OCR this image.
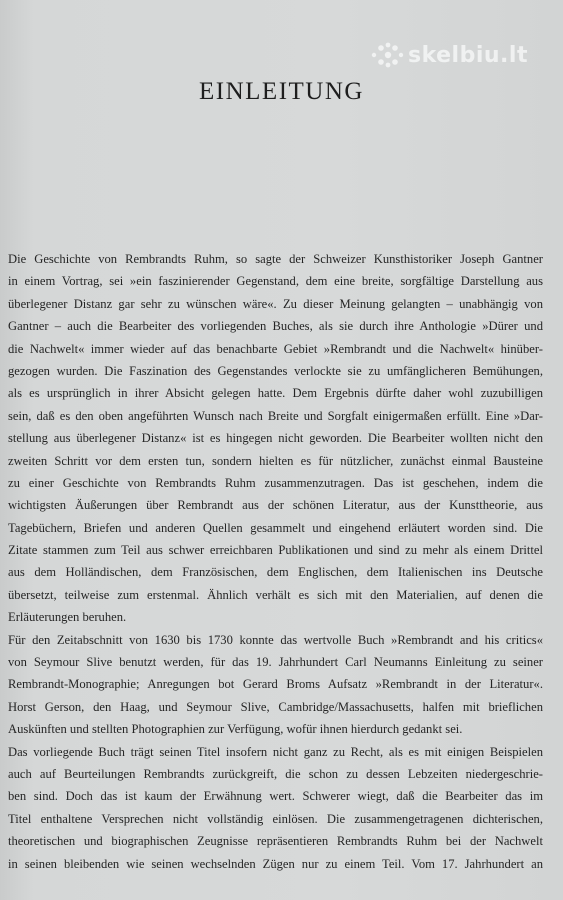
skelbiu.lt
EINLEITUNG
Die Geschichte von Rembrandts Ruhm, so sagte der Schweizer Kunsthistoriker Joseph Gantner
in einem Vortrag, sei »ein faszinierender Gegenstand, dem eine breite, sorgfältige Darstellung aus
überlegener Distanz gar sehr zu wünschen wäre«. Zu dieser Meinung gelangten – unabhängig von
Gantner – auch die Bearbeiter des vorliegenden Buches, als sie durch ihre Anthologie »Dürer und
die Nachwelt« immer wieder auf das benachbarte Gebiet »Rembrandt und die Nachwelt« hinüber-
gezogen wurden. Die Faszination des Gegenstandes verlockte sie zu umfänglicheren Bemühungen,
als es ursprünglich in ihrer Absicht gelegen hatte. Dem Ergebnis dürfte daher wohl zuzubilligen
sein, daß es den oben angeführten Wunsch nach Breite und Sorgfalt einigermaßen erfüllt. Eine »Dar-
stellung aus überlegener Distanz« ist es hingegen nicht geworden. Die Bearbeiter wollten nicht den
zweiten Schritt vor dem ersten tun, sondern hielten es für nützlicher, zunächst einmal Bausteine
zu einer Geschichte von Rembrandts Ruhm zusammenzutragen. Das ist geschehen, indem die
wichtigsten Äußerungen über Rembrandt aus der schönen Literatur, aus der Kunsttheorie, aus
Tagebüchern, Briefen und anderen Quellen gesammelt und eingehend erläutert worden sind. Die
Zitate stammen zum Teil aus schwer erreichbaren Publikationen und sind zu mehr als einem Drittel
aus dem Holländischen, dem Französischen, dem Englischen, dem Italienischen ins Deutsche
übersetzt, teilweise zum erstenmal. Ähnlich verhält es sich mit den Materialien, auf denen die
Erläuterungen beruhen.
Für den Zeitabschnitt von 1630 bis 1730 konnte das wertvolle Buch »Rembrandt and his critics«
von Seymour Slive benutzt werden, für das 19. Jahrhundert Carl Neumanns Einleitung zu seiner
Rembrandt-Monographie; Anregungen bot Gerard Broms Aufsatz »Rembrandt in der Literatur«.
Horst Gerson, den Haag, und Seymour Slive, Cambridge/Massachusetts, halfen mit brieflichen
Auskünften und stellten Photographien zur Verfügung, wofür ihnen hierdurch gedankt sei.
Das vorliegende Buch trägt seinen Titel insofern nicht ganz zu Recht, als es mit einigen Beispielen
auch auf Beurteilungen Rembrandts zurückgreift, die schon zu dessen Lebzeiten niedergeschrie-
ben sind. Doch das ist kaum der Erwähnung wert. Schwerer wiegt, daß die Bearbeiter das im
Titel enthaltene Versprechen nicht vollständig einlösen. Die zusammengetragenen dichterischen,
theoretischen und biographischen Zeugnisse repräsentieren Rembrandts Ruhm bei der Nachwelt
in seinen bleibenden wie seinen wechselnden Zügen nur zu einem Teil. Vom 17. Jahrhundert an
